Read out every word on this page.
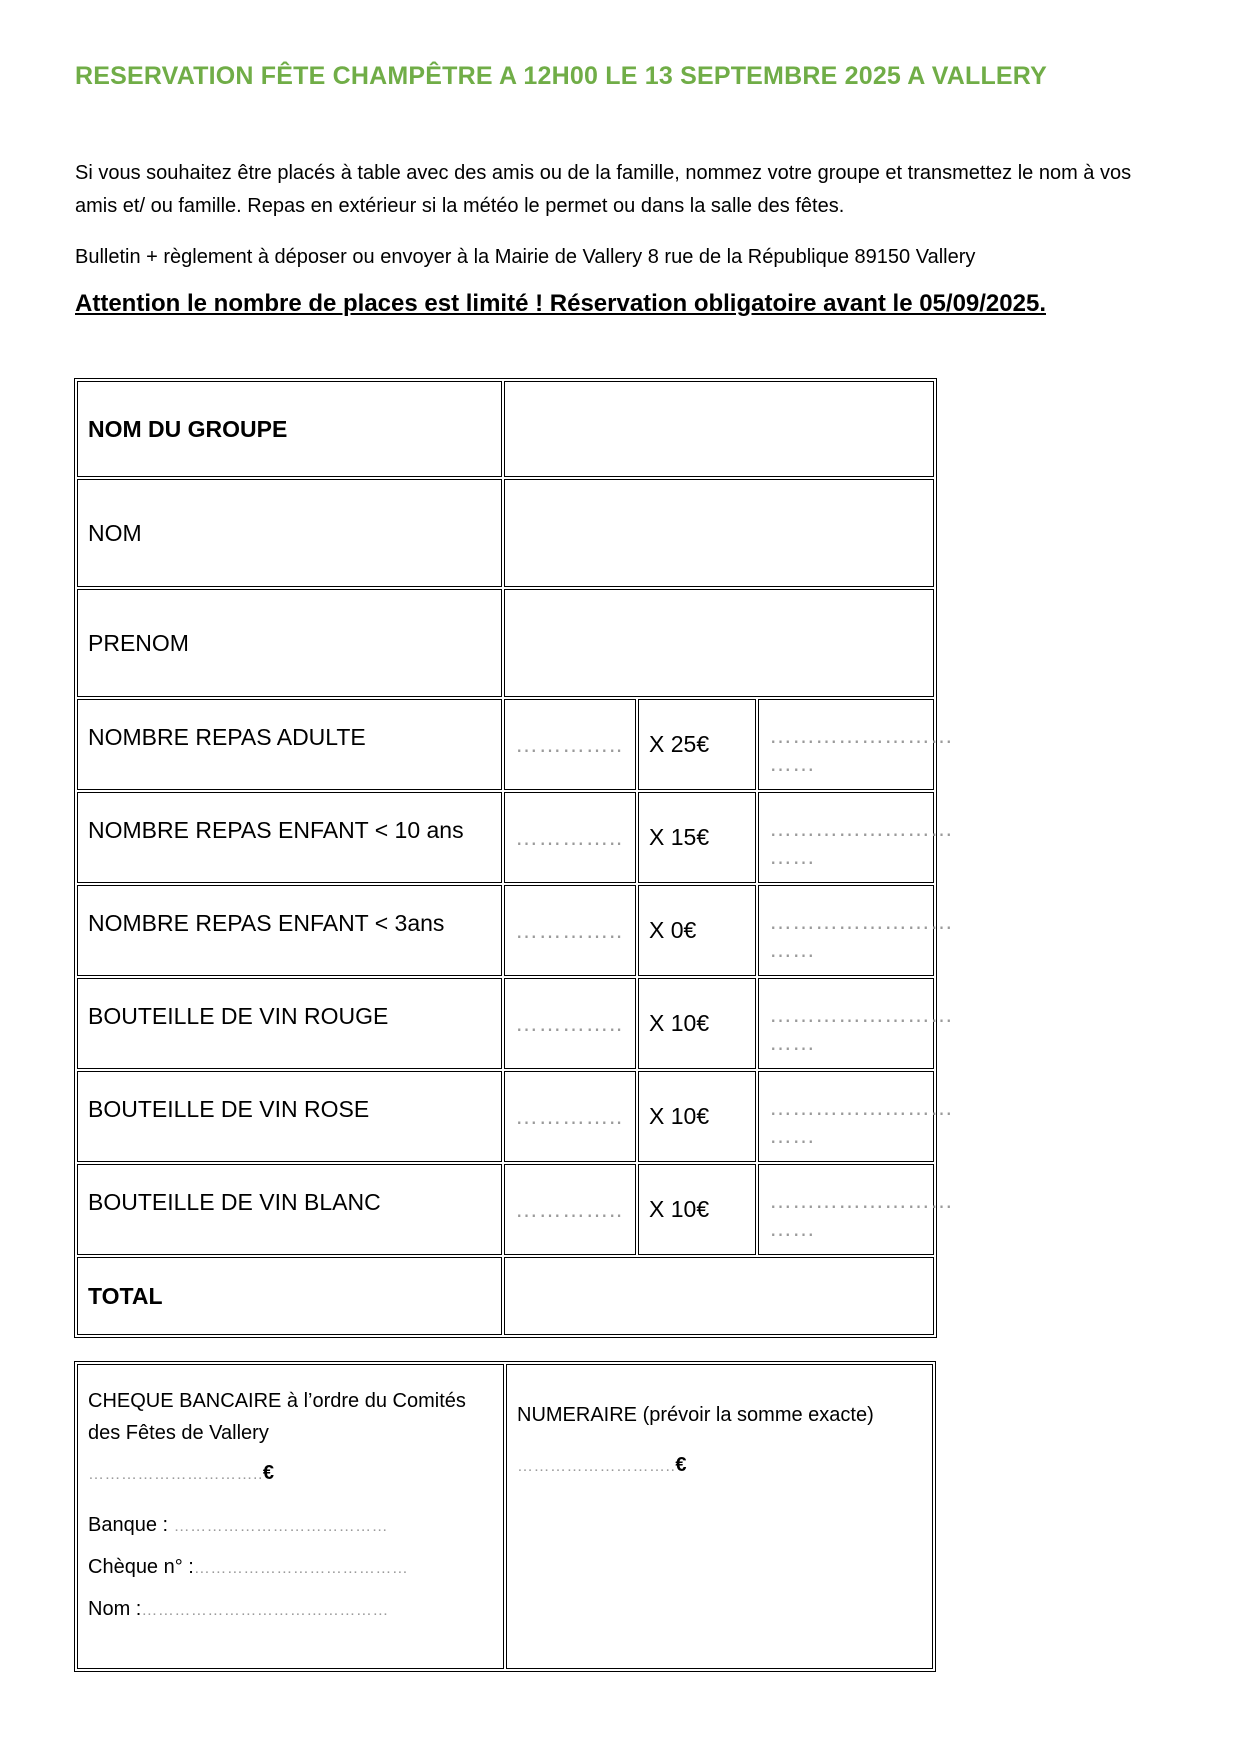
RESERVATION FÊTE CHAMPÊTRE A 12H00 LE 13 SEPTEMBRE 2025 A VALLERY
Si vous souhaitez être placés à table avec des amis ou de la famille, nommez votre groupe et transmettez le nom à vos amis et/ ou famille. Repas en extérieur si la météo le permet ou dans la salle des fêtes.
Bulletin + règlement à déposer ou envoyer à la Mairie de Vallery 8 rue de la République 89150 Vallery
Attention le nombre de places est limité ! Réservation obligatoire avant le 05/09/2025.
NOM DU GROUPE			
NOM			
PRENOM			
NOMBRE REPAS ADULTE	…………..	X 25€	…………………… ……
NOMBRE REPAS ENFANT < 10 ans	…………..	X 15€	…………………… ……
NOMBRE REPAS ENFANT < 3ans	…………..	X 0€	…………………… ……
BOUTEILLE DE VIN ROUGE	…………..	X 10€	…………………… ……
BOUTEILLE DE VIN ROSE	…………..	X 10€	…………………… ……
BOUTEILLE DE VIN BLANC	…………..	X 10€	…………………… ……
TOTAL			
CHEQUE BANCAIRE à l’ordre du Comités des Fêtes de Vallery
…………………………..€
Banque : …………………………………
Chèque n° :…………………………………
Nom :………………………………………

NUMERAIRE (prévoir la somme exacte)
………………………..€
